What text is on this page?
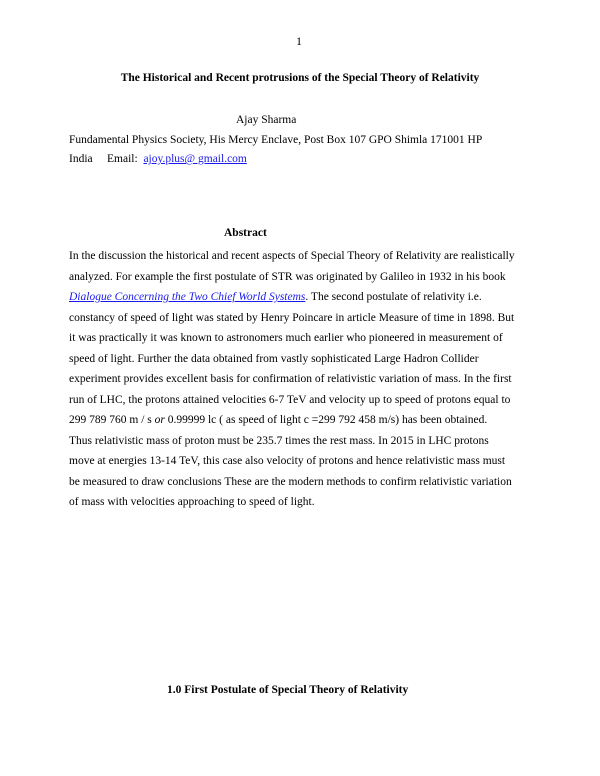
1
The Historical and Recent protrusions of the Special Theory of Relativity
Ajay Sharma
Fundamental Physics Society, His Mercy Enclave, Post Box 107 GPO Shimla 171001 HP
India Email: ajoy.plus@ gmail.com
Abstract
In the discussion the historical and recent aspects of Special Theory of Relativity are realistically
analyzed. For example the first postulate of STR was originated by Galileo in 1932 in his book
Dialogue Concerning the Two Chief World Systems. The second postulate of relativity i.e.
constancy of speed of light was stated by Henry Poincare in article Measure of time in 1898. But
it was practically it was known to astronomers much earlier who pioneered in measurement of
speed of light. Further the data obtained from vastly sophisticated Large Hadron Collider
experiment provides excellent basis for confirmation of relativistic variation of mass. In the first
run of LHC, the protons attained velocities 6-7 TeV and velocity up to speed of protons equal to
299 789 760 m / s or 0.99999 lc ( as speed of light c =299 792 458 m/s) has been obtained.
Thus relativistic mass of proton must be 235.7 times the rest mass. In 2015 in LHC protons
move at energies 13-14 TeV, this case also velocity of protons and hence relativistic mass must
be measured to draw conclusions These are the modern methods to confirm relativistic variation
of mass with velocities approaching to speed of light.
1.0 First Postulate of Special Theory of Relativity
